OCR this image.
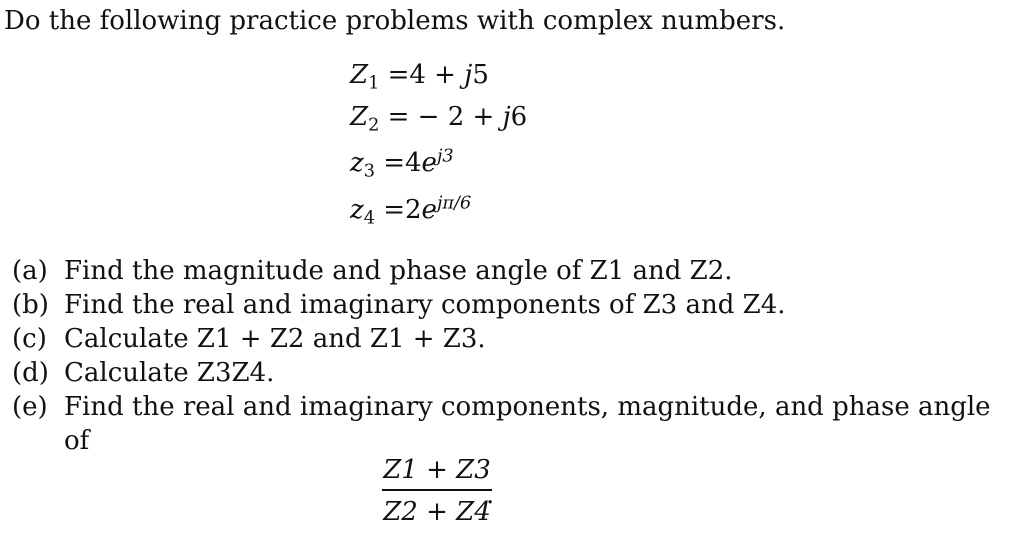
Do the following practice problems with complex numbers.
$Z_1 =4 + j5$
$Z_2$ = − 2 + j6
$z_3 =4e^{j3}$
$z_4 =2e^{j\pi/6}$
(a) Find the magnitude and phase angle of Z1 and Z2.
(b) Find the real and imaginary components of Z3 and Z4.
(c) Calculate Z1 + Z2 and Z1 + Z3.
(d) Calculate Z3Z4.
(e) Find the real and imaginary components, magnitude, and phase angle
of
Z1 + Z3
Z2 + Z4
.
